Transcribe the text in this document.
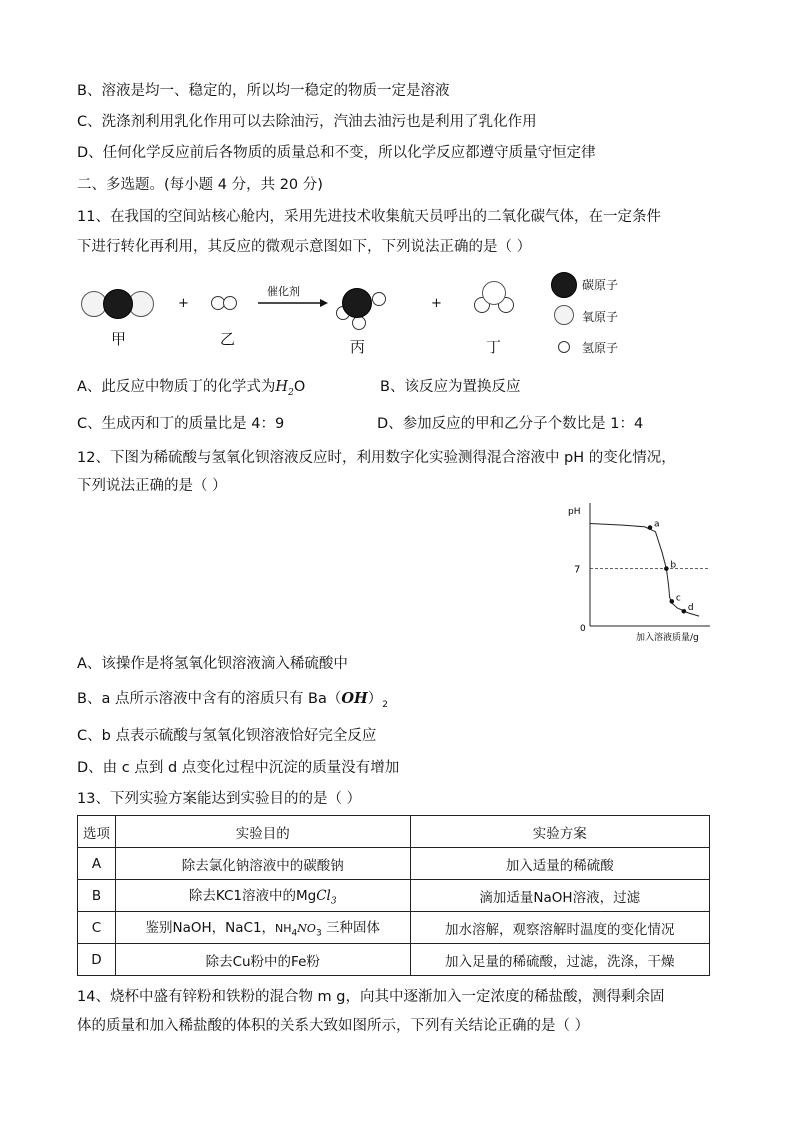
B、溶液是均一、稳定的，所以均一稳定的物质一定是溶液
C、洗涤剂利用乳化作用可以去除油污，汽油去油污也是利用了乳化作用
D、任何化学反应前后各物质的质量总和不变，所以化学反应都遵守质量守恒定律
二、多选题。(每小题 4 分，共 20 分)
11、在我国的空间站核心舱内，采用先进技术收集航天员呼出的二氧化碳气体，在一定条件
下进行转化再利用，其反应的微观示意图如下，下列说法正确的是（ ）
甲
+
乙
催化剂
丙
+
丁
碳原子
氧原子
氢原子
A、此反应中物质丁的化学式为$H_2O$	B、该反应为置换反应
C、生成丙和丁的质量比是 4：9	D、参加反应的甲和乙分子个数比是 1：4
12、下图为稀硫酸与氢氧化钡溶液反应时，利用数字化实验测得混合溶液中 pH 的变化情况，
下列说法正确的是（ ）
pH
7
0
加入溶液质量/g
a
b
c
d
A、该操作是将氢氧化钡溶液滴入稀硫酸中
B、a 点所示溶液中含有的溶质只有 $Ba(OH)_2$
C、b 点表示硫酸与氢氧化钡溶液恰好完全反应
D、由 c 点到 d 点变化过程中沉淀的质量没有增加
13、下列实验方案能达到实验目的的是（ ）
选项	实验目的	实验方案
A	除去氯化钠溶液中的碳酸钠	加入适量的稀硫酸
B	除去KC1溶液中的MgCl$_3$	滴加适量NaOH溶液，过滤
C	鉴别NaOH，NaC1，$NH_4NO_3$ 三种固体	加水溶解，观察溶解时温度的变化情况
D	除去Cu粉中的Fe粉	加入足量的稀硫酸，过滤，洗涤，干燥
14、烧杯中盛有锌粉和铁粉的混合物 m g，向其中逐渐加入一定浓度的稀盐酸，测得剩余固
体的质量和加入稀盐酸的体积的关系大致如图所示，下列有关结论正确的是（ ）
